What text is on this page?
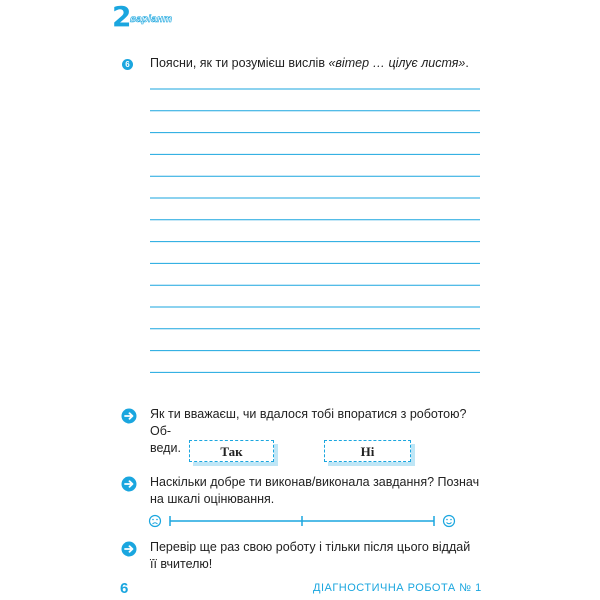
2
варіант
6 Поясни, як ти розумієш вислів «вітер … цілує листя».
Як ти вважаєш, чи вдалося тобі впоратися з роботою? Об-
веди.	Так	Ні
Наскільки добре ти виконав/виконала завдання? Познач
на шкалі оцінювання.
Перевір ще раз свою роботу і тільки після цього віддай
її вчителю!
6	ДІАГНОСТИЧНА РОБОТА № 1
